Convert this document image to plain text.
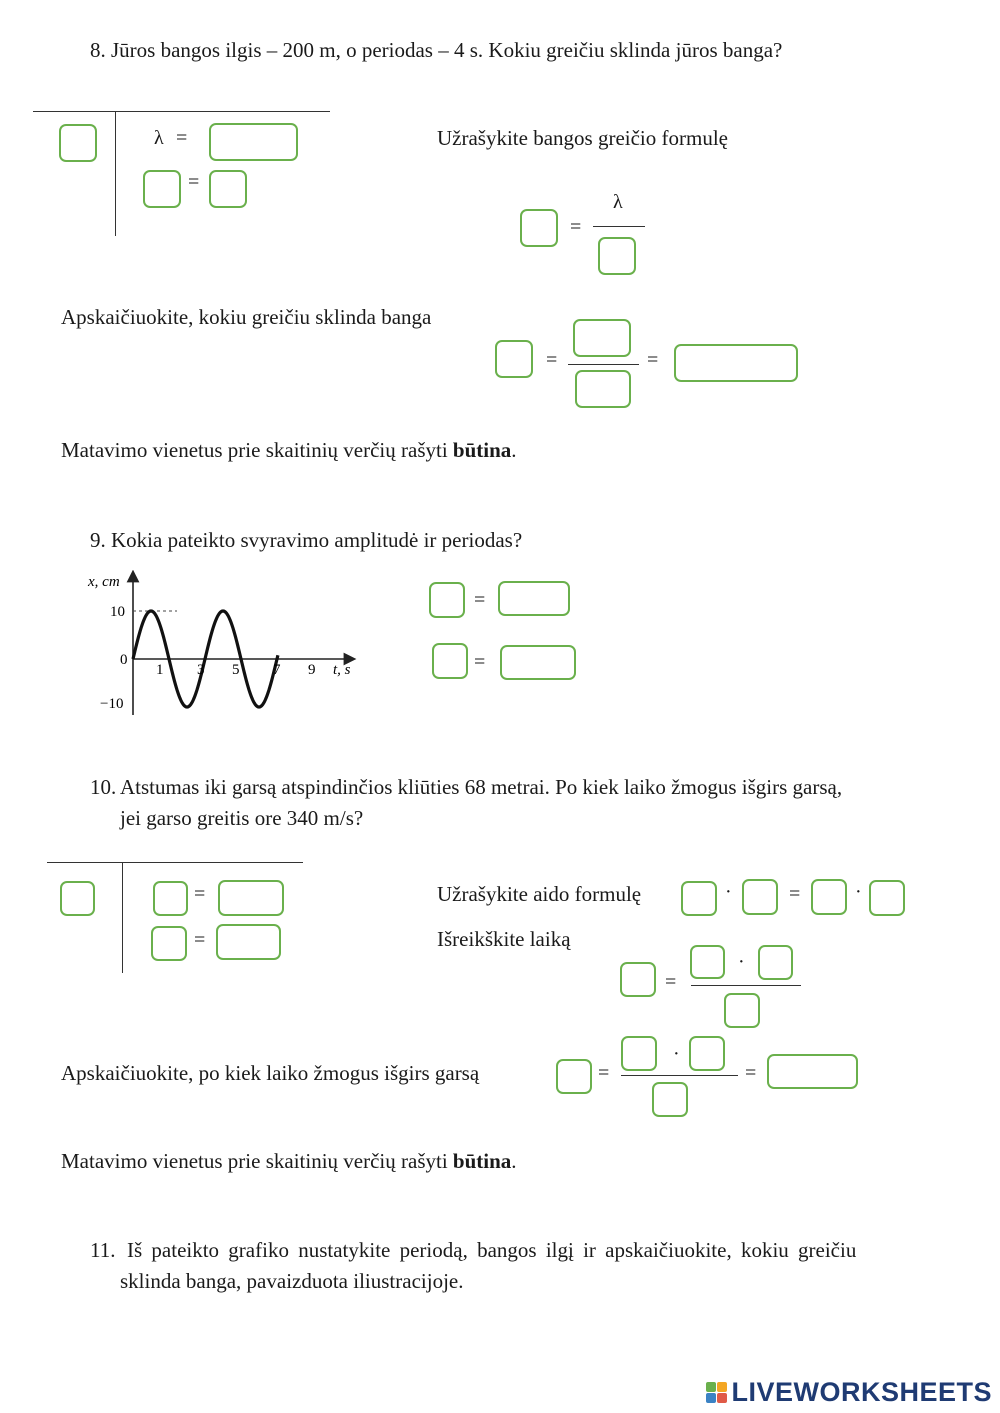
8. Jūros bangos ilgis – 200 m, o periodas – 4 s. Kokiu greičiu sklinda jūros banga?
λ =
=
Užrašykite bangos greičio formulę
=
λ
Apskaičiuokite, kokiu greičiu sklinda banga
=	=
Matavimo vienetus prie skaitinių verčių rašyti būtina.
9. Kokia pateikto svyravimo amplitudė ir periodas?
x, cm
t, s
10
0
−10
1 3 5 7 9
=
=
10. Atstumas iki garsą atspindinčios kliūties 68 metrai. Po kiek laiko žmogus išgirs garsą,
jei garso greitis ore 340 m/s?
=
=
Užrašykite aido formulę	·	=	·
Išreikškite laiką
=
·
Apskaičiuokite, po kiek laiko žmogus išgirs garsą	=
·
=
Matavimo vienetus prie skaitinių verčių rašyti būtina.
11. Iš pateikto grafiko nustatykite periodą, bangos ilgį ir apskaičiuokite, kokiu greičiu
sklinda banga, pavaizduota iliustracijoje.
LIVEWORKSHEETS
